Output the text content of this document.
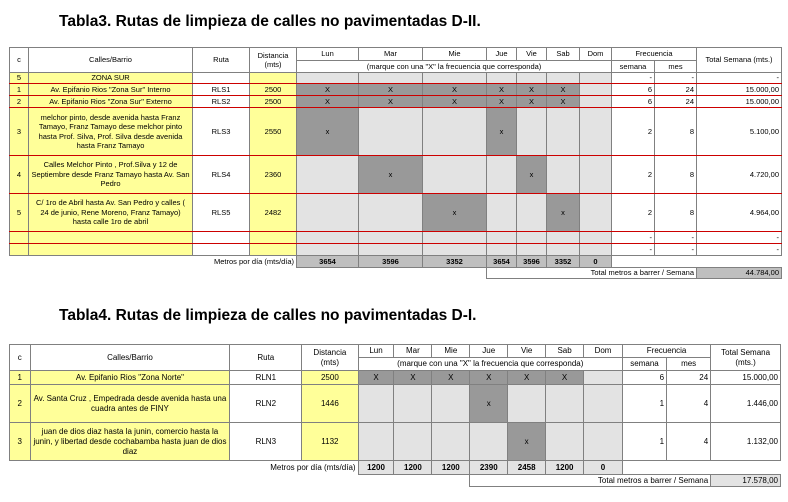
Tabla3. Rutas de limpieza de calles no pavimentadas D-II.
c	Calles/Barrio	Ruta	Distancia (mts)	Lun	Mar	Mie	Jue	Vie	Sab	Dom	Frecuencia		Total Semana (mts.)
				(marque con una "X" la frecuencia que corresponda)							semana	mes	
5	ZONA SUR										-	-	-
1	Av. Epifanio Rios "Zona Sur" Interno	RLS1	2500	X	X	X	X	X	X		6	24	15.000,00
2	Av. Epifanio Rios "Zona Sur" Externo	RLS2	2500	X	X	X	X	X	X		6	24	15.000,00
3	melchor pinto, desde avenida hasta Franz Tamayo, Franz Tamayo dese melchor pinto hasta Prof. Silva, Prof. Silva desde avenida hasta Franz Tamayo	RLS3	2550	x			x				2	8	5.100,00
4	Calles Melchor Pinto , Prof.Silva y 12 de Septiembre desde Franz Tamayo hasta Av. San Pedro	RLS4	2360		x			x			2	8	4.720,00
5	C/ 1ro de Abril hasta Av. San Pedro y calles ( 24 de junio, Rene Moreno, Franz Tamayo) hasta calle 1ro de abril	RLS5	2482			x			x		2	8	4.964,00
											-	-	-
											-	-	-
Metros por día (mts/día)				3654	3596	3352	3654	3596	3352	0			
							Total metros a barrer / Semana						44.784,00
Tabla4. Rutas de limpieza de calles no pavimentadas D-I.
c	Calles/Barrio	Ruta	Distancia (mts)	Lun	Mar	Mie	Jue	Vie	Sab	Dom	Frecuencia		Total Semana (mts.)
				(marque con una "X" la frecuencia que corresponda)							semana	mes	
1	Av. Epifanio Rios "Zona Norte"	RLN1	2500	X	X	X	X	X	X		6	24	15.000,00
2	Av. Santa Cruz , Empedrada desde avenida hasta una cuadra antes de FINY	RLN2	1446				x				1	4	1.446,00
3	juan de dios diaz hasta la junin, comercio hasta la junin, y libertad desde cochabamba hasta juan de dios diaz	RLN3	1132					x			1	4	1.132,00
Metros por día (mts/día)				1200	1200	1200	2390	2458	1200	0			
							Total metros a barrer / Semana						17.578,00
